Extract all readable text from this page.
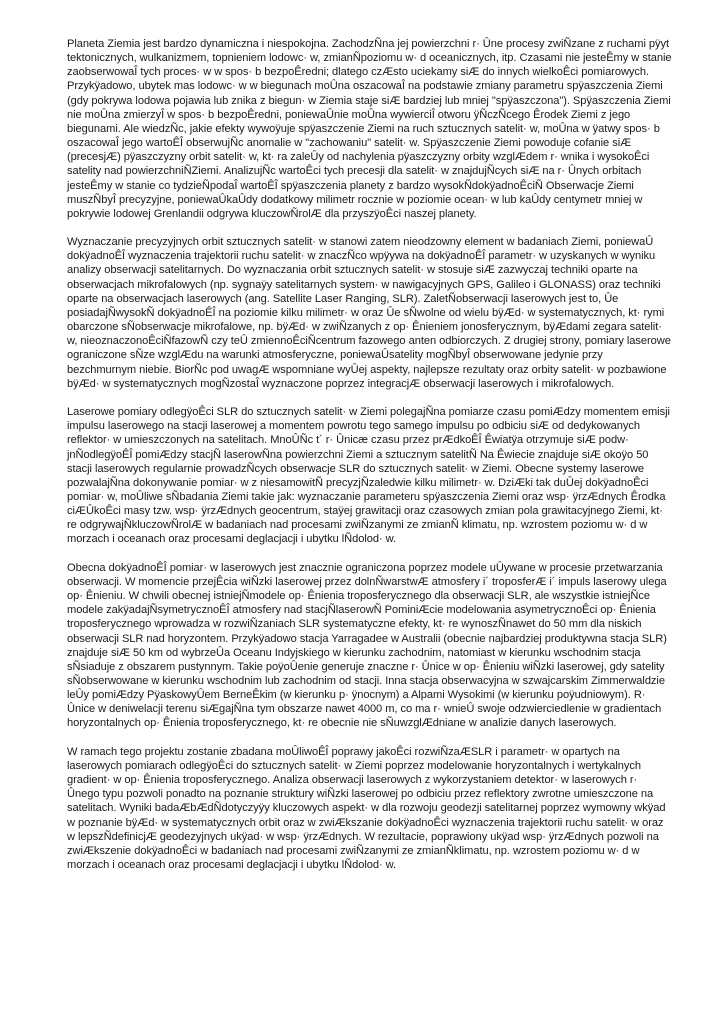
Planeta Ziemia jest bardzo dynamiczna i niespokojna. ZachodzÑna jej powierzchni r· Ûne procesy zwiÑzane z ruchami pÿyt tektonicznych, wulkanizmem, topnieniem lodowc· w, zmianÑpoziomu w· d oceanicznych, itp. Czasami nie jesteÊmy w stanie zaobserwowaÎ tych proces· w w spos· b bezpoÊredni; dlatego czÆsto uciekamy siÆ do innych wielkoÊci pomiarowych. Przykÿadowo, ubytek mas lodowc· w w biegunach moÛna oszacowaÎ na podstawie zmiany parametru spÿaszczenia Ziemi (gdy pokrywa lodowa pojawia lub znika z biegun· w Ziemia staje siÆ bardziej lub mniej "spÿaszczona"). Spÿaszczenia Ziemi nie moÛna zmierzyÎ w spos· b bezpoÊredni, poniewaÛnie moÛna wywierciÎ otworu ÿÑczÑcego Êrodek Ziemi z jego biegunami. Ale wiedzÑc, jakie efekty wywoÿuje spÿaszczenie Ziemi na ruch sztucznych satelit· w, moÛna w ÿatwy spos· b oszacowaÎ jego wartoÊÎ obserwujÑc anomalie w "zachowaniu" satelit· w. Spÿaszczenie Ziemi powoduje cofanie siÆ (precesjÆ) pÿaszczyzny orbit satelit· w, kt· ra zaleÛy od nachylenia pÿaszczyzny orbity wzglÆdem r· wnika i wysokoÊci satelity nad powierzchniÑZiemi. AnalizujÑc wartoÊci tych precesji dla satelit· w znajdujÑcych siÆ na r· Ûnych orbitach jesteÊmy w stanie co tydzieÑpodaÎ wartoÊÎ spÿaszczenia planety z bardzo wysokÑdokÿadnoÊciÑ Obserwacje Ziemi muszÑbyÎ precyzyjne, poniewaÛkaÛdy dodatkowy milimetr rocznie w poziomie ocean· w lub kaÛdy centymetr mniej w pokrywie lodowej Grenlandii odgrywa kluczowÑrolÆ dla przyszÿoÊci naszej planety.

Wyznaczanie precyzyjnych orbit sztucznych satelit· w stanowi zatem nieodzowny element w badaniach Ziemi, poniewaÛ dokÿadnoÊÎ wyznaczenia trajektorii ruchu satelit· w znaczÑco wpÿywa na dokÿadnoÊÎ parametr· w uzyskanych w wyniku analizy obserwacji satelitarnych. Do wyznaczania orbit sztucznych satelit· w stosuje siÆ zazwyczaj techniki oparte na obserwacjach mikrofalowych (np. sygnaÿy satelitarnych system· w nawigacyjnych GPS, Galileo i GLONASS) oraz techniki oparte na obserwacjach laserowych (ang. Satellite Laser Ranging, SLR). ZaletÑobserwacji laserowych jest to, Ûe posiadajÑwysokÑ dokÿadnoÊÎ na poziomie kilku milimetr· w oraz Ûe sÑwolne od wielu bÿÆd· w systematycznych, kt· rymi obarczone sÑobserwacje mikrofalowe, np. bÿÆd· w zwiÑzanych z op· Ênieniem jonosferycznym, bÿÆdami zegara satelit· w, nieoznaczonoÊciÑfazowÑ czy teÛ zmiennoÊciÑcentrum fazowego anten odbiorczych. Z drugiej strony, pomiary laserowe ograniczone sÑze wzglÆdu na warunki atmosferyczne, poniewaÛsatelity mogÑbyÎ obserwowane jedynie przy bezchmurnym niebie. BiorÑc pod uwagÆ wspomniane wyÛej aspekty, najlepsze rezultaty oraz orbity satelit· w pozbawione bÿÆd· w systematycznych mogÑzostaÎ wyznaczone poprzez integracjÆ obserwacji laserowych i mikrofalowych.

Laserowe pomiary odlegÿoÊci SLR do sztucznych satelit· w Ziemi polegajÑna pomiarze czasu pomiÆdzy momentem emisji impulsu laserowego na stacji laserowej a momentem powrotu tego samego impulsu po odbiciu siÆ od dedykowanych reflektor· w umieszczonych na satelitach. MnoÛÑc t´ r· Ûnicæ czasu przez prÆdkoÊÎ Êwiatÿa otrzymuje siÆ podw· jnÑodlegÿoÊÎ pomiÆdzy stacjÑ laserowÑna powierzchni Ziemi a sztucznym satelitÑ Na Êwiecie znajduje siÆ okoÿo 50 stacji laserowych regularnie prowadzÑcych obserwacje SLR do sztucznych satelit· w Ziemi. Obecne systemy laserowe pozwalajÑna dokonywanie pomiar· w z niesamowitÑ precyzjÑzaledwie kilku milimetr· w. DziÆki tak duÛej dokÿadnoÊci pomiar· w, moÛliwe sÑbadania Ziemi takie jak: wyznaczanie parameteru spÿaszczenia Ziemi oraz wsp· ÿrzÆdnych Êrodka ciÆÛkoÊci masy tzw. wsp· ÿrzÆdnych geocentrum, staÿej grawitacji oraz czasowych zmian pola grawitacyjnego Ziemi, kt· re odgrywajÑkluczowÑrolÆ w badaniach nad procesami zwiÑzanymi ze zmianÑ klimatu, np. wzrostem poziomu w· d w morzach i oceanach oraz procesami deglacjacji i ubytku lÑdolod· w.

Obecna dokÿadnoÊÎ pomiar· w laserowych jest znacznie ograniczona poprzez modele uÛywane w procesie przetwarzania obserwacji. W momencie przejÊcia wiÑzki laserowej przez dolnÑwarstwÆ atmosfery i´ troposferÆ i´ impuls laserowy ulega op· Ênieniu. W chwili obecnej istniejÑmodele op· Ênienia troposferycznego dla obserwacji SLR, ale wszystkie istniejÑce modele zakÿadajÑsymetrycznoÊÎ atmosfery nad stacjÑlaserowÑ PominiÆcie modelowania asymetrycznoÊci op· Ênienia troposferycznego wprowadza w rozwiÑzaniach SLR systematyczne efekty, kt· re wynoszÑnawet do 50 mm dla niskich obserwacji SLR nad horyzontem. Przykÿadowo stacja Yarragadee w Australii (obecnie najbardziej produktywna stacja SLR) znajduje siÆ 50 km od wybrzeÛa Oceanu Indyjskiego w kierunku zachodnim, natomiast w kierunku wschodnim stacja sÑsiaduje z obszarem pustynnym. Takie poÿoÛenie generuje znaczne r· Ûnice w op· Ênieniu wiÑzki laserowej, gdy satelity sÑobserwowane w kierunku wschodnim lub zachodnim od stacji. Inna stacja obserwacyjna w szwajcarskim Zimmerwaldzie leÛy pomiÆdzy PÿaskowyÛem BerneÊkim (w kierunku p· ÿnocnym) a Alpami Wysokimi (w kierunku poÿudniowym). R· Ûnice w deniwelacji terenu siÆgajÑna tym obszarze nawet 4000 m, co ma r· wnieÛ swoje odzwierciedlenie w gradientach horyzontalnych op· Ênienia troposferycznego, kt· re obecnie nie sÑuwzglÆdniane w analizie danych laserowych.

W ramach tego projektu zostanie zbadana moÛliwoÊÎ poprawy jakoÊci rozwiÑzaÆSLR i parametr· w opartych na laserowych pomiarach odlegÿoÊci do sztucznych satelit· w Ziemi poprzez modelowanie horyzontalnych i wertykalnych gradient· w op· Ênienia troposferycznego. Analiza obserwacji laserowych z wykorzystaniem detektor· w laserowych r· Ûnego typu pozwoli ponadto na poznanie struktury wiÑzki laserowej po odbiciu przez reflektory zwrotne umieszczone na satelitach. Wyniki badaÆbÆdÑdotyczyÿy kluczowych aspekt· w dla rozwoju geodezji satelitarnej poprzez wymowny wkÿad w poznanie bÿÆd· w systematycznych orbit oraz w zwiÆkszanie dokÿadnoÊci wyznaczenia trajektorii ruchu satelit· w oraz w lepszÑdefinicjÆ geodezyjnych ukÿad· w wsp· ÿrzÆdnych. W rezultacie, poprawiony ukÿad wsp· ÿrzÆdnych pozwoli na zwiÆkszenie dokÿadnoÊci w badaniach nad procesami zwiÑzanymi ze zmianÑklimatu, np. wzrostem poziomu w· d w morzach i oceanach oraz procesami deglacjacji i ubytku lÑdolod· w.
